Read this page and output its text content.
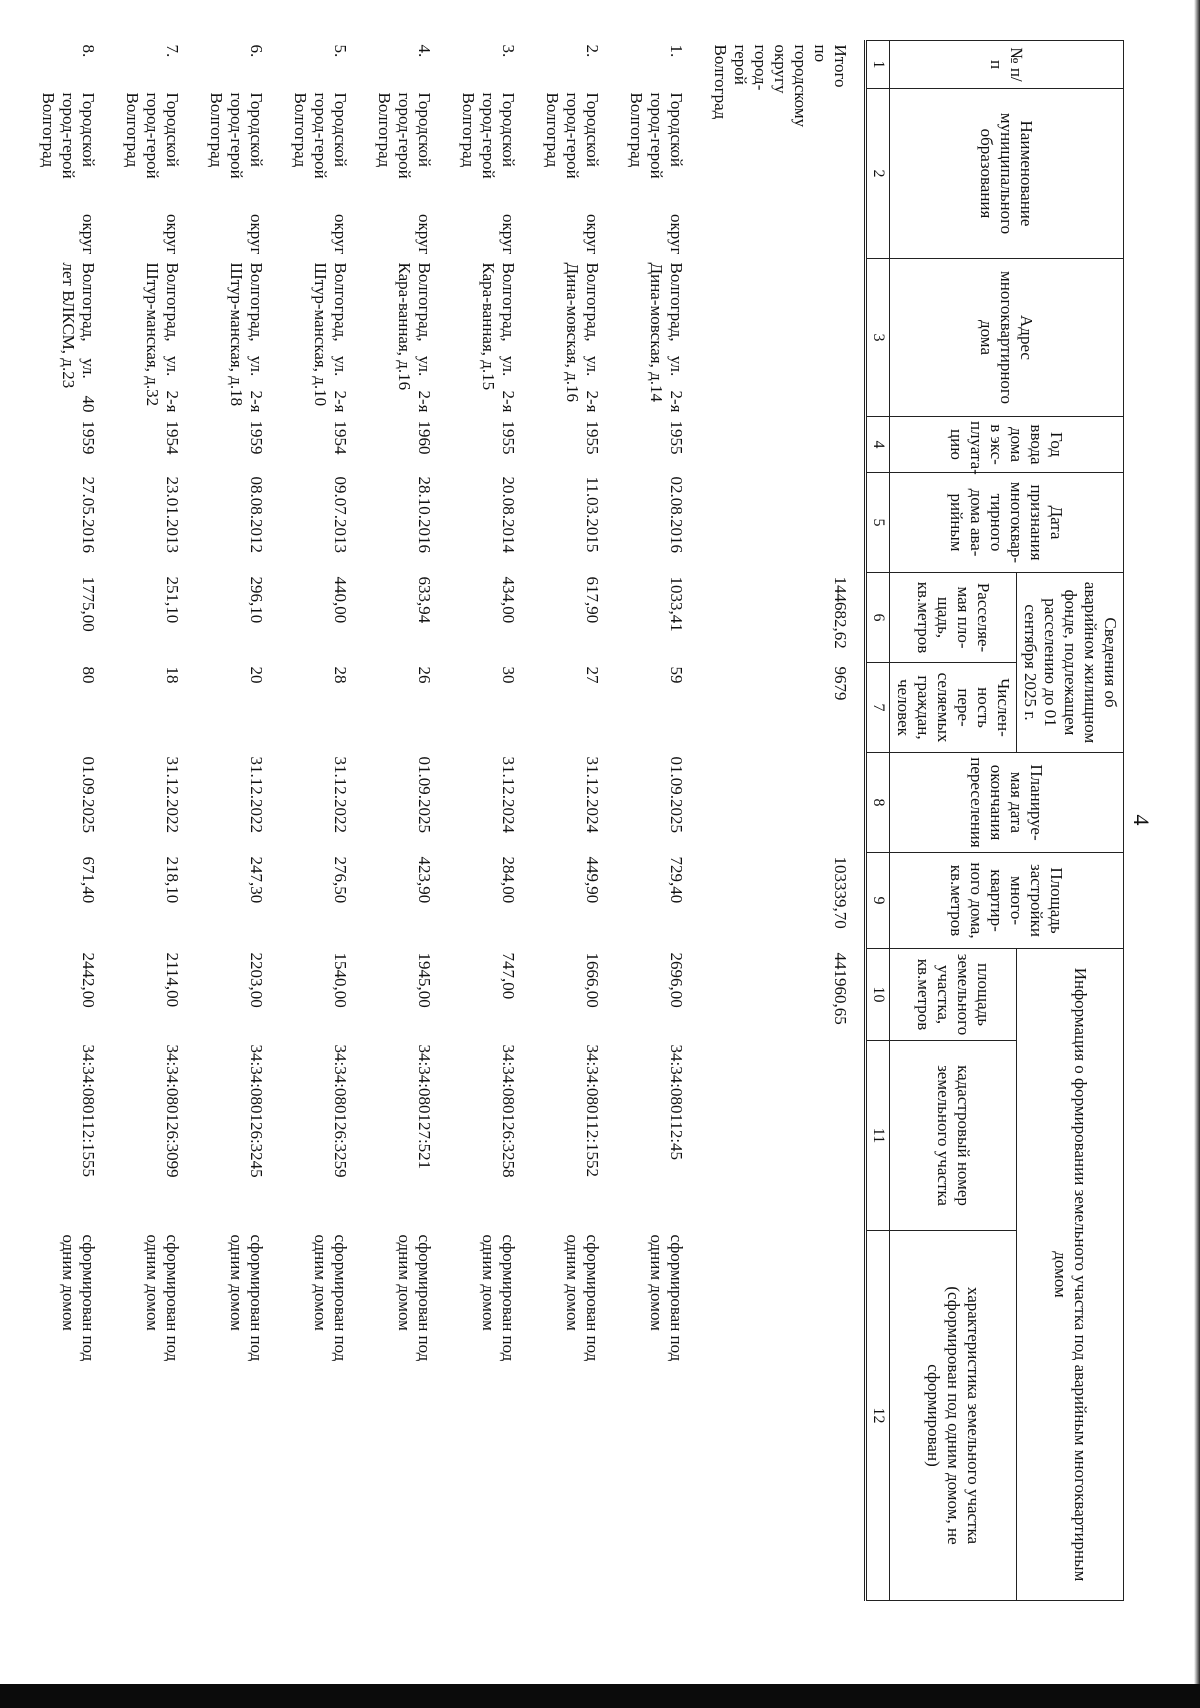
4
№ п/п	Наименование муниципального образования	Адрес многоквартирного дома	Год ввода дома в экс-плуата-цию	Дата признания многоквар-тирного дома ава-рийным	Сведения об аварийном жилищном фонде, подлежащем расселению до 01 сентября 2025 г.		Планируе-мая дата окончания переселения	Площадь застройки много-квартир-ного дома, кв.метров	Информация о формировании земельного участка под аварийным многоквартирным домом		
					Расселяе-мая пло-щадь, кв.метров	Числен-ность пере-селяемых граждан, человек			площадь земельного участка, кв.метров	кадастровый номер земельного участка	характеристика земельного участка (сформирован под одним домом, не сформирован)
1	2	3	4	5	6	7	8	9	10	11	12
Итого по городскому округу город-герой Волгоград					144682,62	9679		103339,70	441960,65		
1.	Городской округ город-герой Волгоград	Волгоград, ул. 2-я Дина-мовская, д.14	1955	02.08.2016	1033,41	59	01.09.2025	729,40	2696,00	34:34:080112:45	сформирован под одним домом
2.	Городской округ город-герой Волгоград	Волгоград, ул. 2-я Дина-мовская, д.16	1955	11.03.2015	617,90	27	31.12.2024	449,90	1666,00	34:34:080112:1552	сформирован под одним домом
3.	Городской округ город-герой Волгоград	Волгоград, ул. 2-я Кара-ванная, д.15	1955	20.08.2014	434,00	30	31.12.2024	284,00	747,00	34:34:080126:3258	сформирован под одним домом
4.	Городской округ город-герой Волгоград	Волгоград, ул. 2-я Кара-ванная, д.16	1960	28.10.2016	633,94	26	01.09.2025	423,90	1945,00	34:34:080127:521	сформирован под одним домом
5.	Городской округ город-герой Волгоград	Волгоград, ул. 2-я Штур-манская, д.10	1954	09.07.2013	440,00	28	31.12.2022	276,50	1540,00	34:34:080126:3259	сформирован под одним домом
6.	Городской округ город-герой Волгоград	Волгоград, ул. 2-я Штур-манская, д.18	1959	08.08.2012	296,10	20	31.12.2022	247,30	2203,00	34:34:080126:3245	сформирован под одним домом
7.	Городской округ город-герой Волгоград	Волгоград, ул. 2-я Штур-манская, д.32	1954	23.01.2013	251,10	18	31.12.2022	218,10	2114,00	34:34:080126:3099	сформирован под одним домом
8.	Городской округ город-герой Волгоград	Волгоград, ул. 40 лет ВЛКСМ, д.23	1959	27.05.2016	1775,00	80	01.09.2025	671,40	2442,00	34:34:080112:1555	сформирован под одним домом
